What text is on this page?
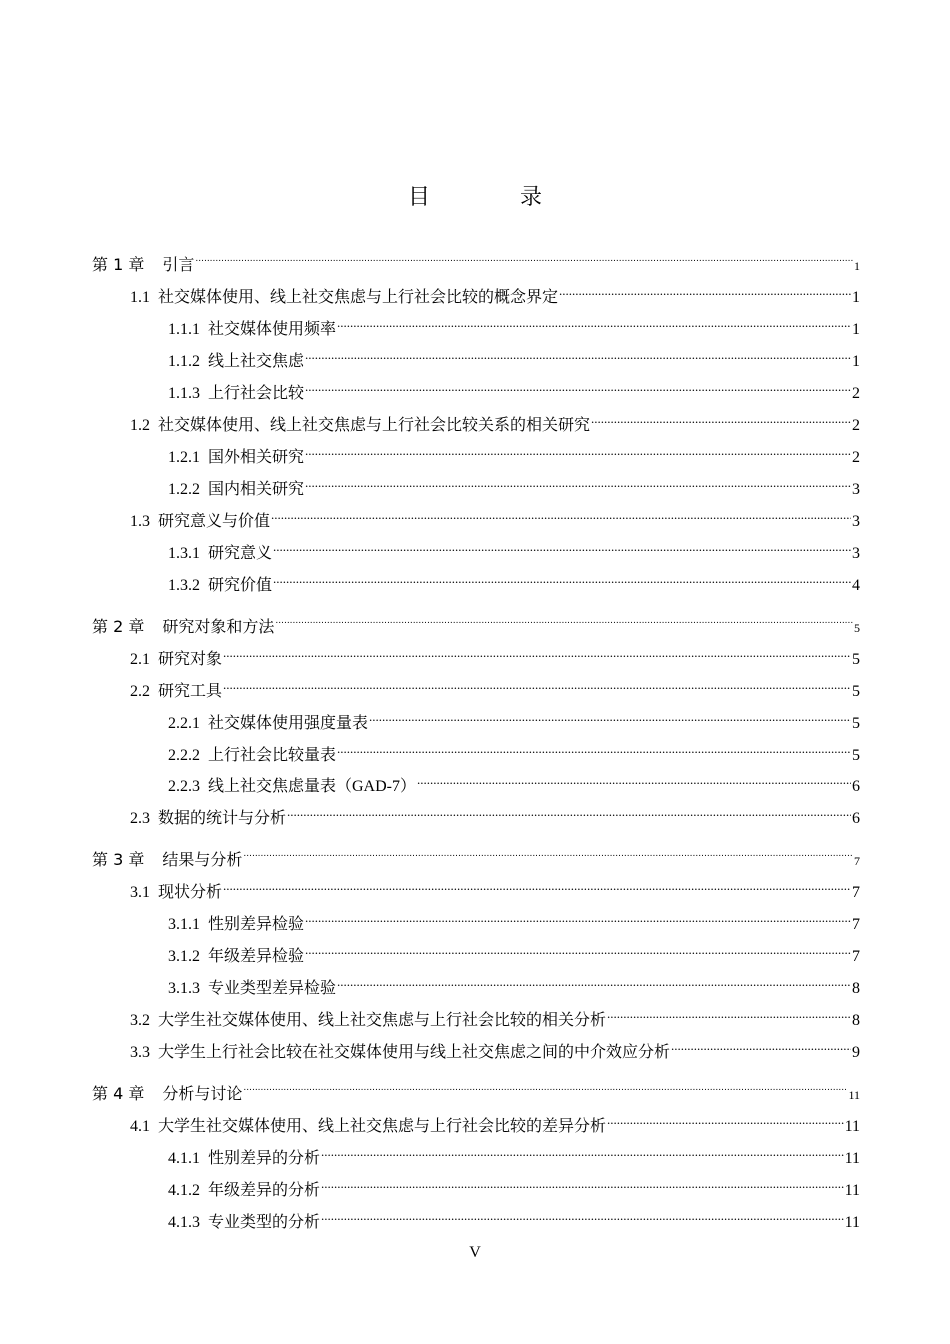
目　录
第 1 章 引言 .....	1
1.1 社交媒体使用、线上社交焦虑与上行社会比较的概念界定 .....	1
1.1.1 社交媒体使用频率 .....	1
1.1.2 线上社交焦虑 .....	1
1.1.3 上行社会比较 .....	2
1.2 社交媒体使用、线上社交焦虑与上行社会比较关系的相关研究 .....	2
1.2.1 国外相关研究 .....	2
1.2.2 国内相关研究 .....	3
1.3 研究意义与价值 .....	3
1.3.1 研究意义 .....	3
1.3.2 研究价值 .....	4
第 2 章 研究对象和方法 .....	5
2.1 研究对象 .....	5
2.2 研究工具 .....	5
2.2.1 社交媒体使用强度量表 .....	5
2.2.2 上行社会比较量表 .....	5
2.2.3 线上社交焦虑量表（GAD-7） .....	6
2.3 数据的统计与分析 .....	6
第 3 章 结果与分析 .....	7
3.1 现状分析 .....	7
3.1.1 性别差异检验 .....	7
3.1.2 年级差异检验 .....	7
3.1.3 专业类型差异检验 .....	8
3.2 大学生社交媒体使用、线上社交焦虑与上行社会比较的相关分析 .....	8
3.3 大学生上行社会比较在社交媒体使用与线上社交焦虑之间的中介效应分析 .....	9
第 4 章 分析与讨论 .....	11
4.1 大学生社交媒体使用、线上社交焦虑与上行社会比较的差异分析 .....	11
4.1.1 性别差异的分析 .....	11
4.1.2 年级差异的分析 .....	11
4.1.3 专业类型的分析 .....	11
V
